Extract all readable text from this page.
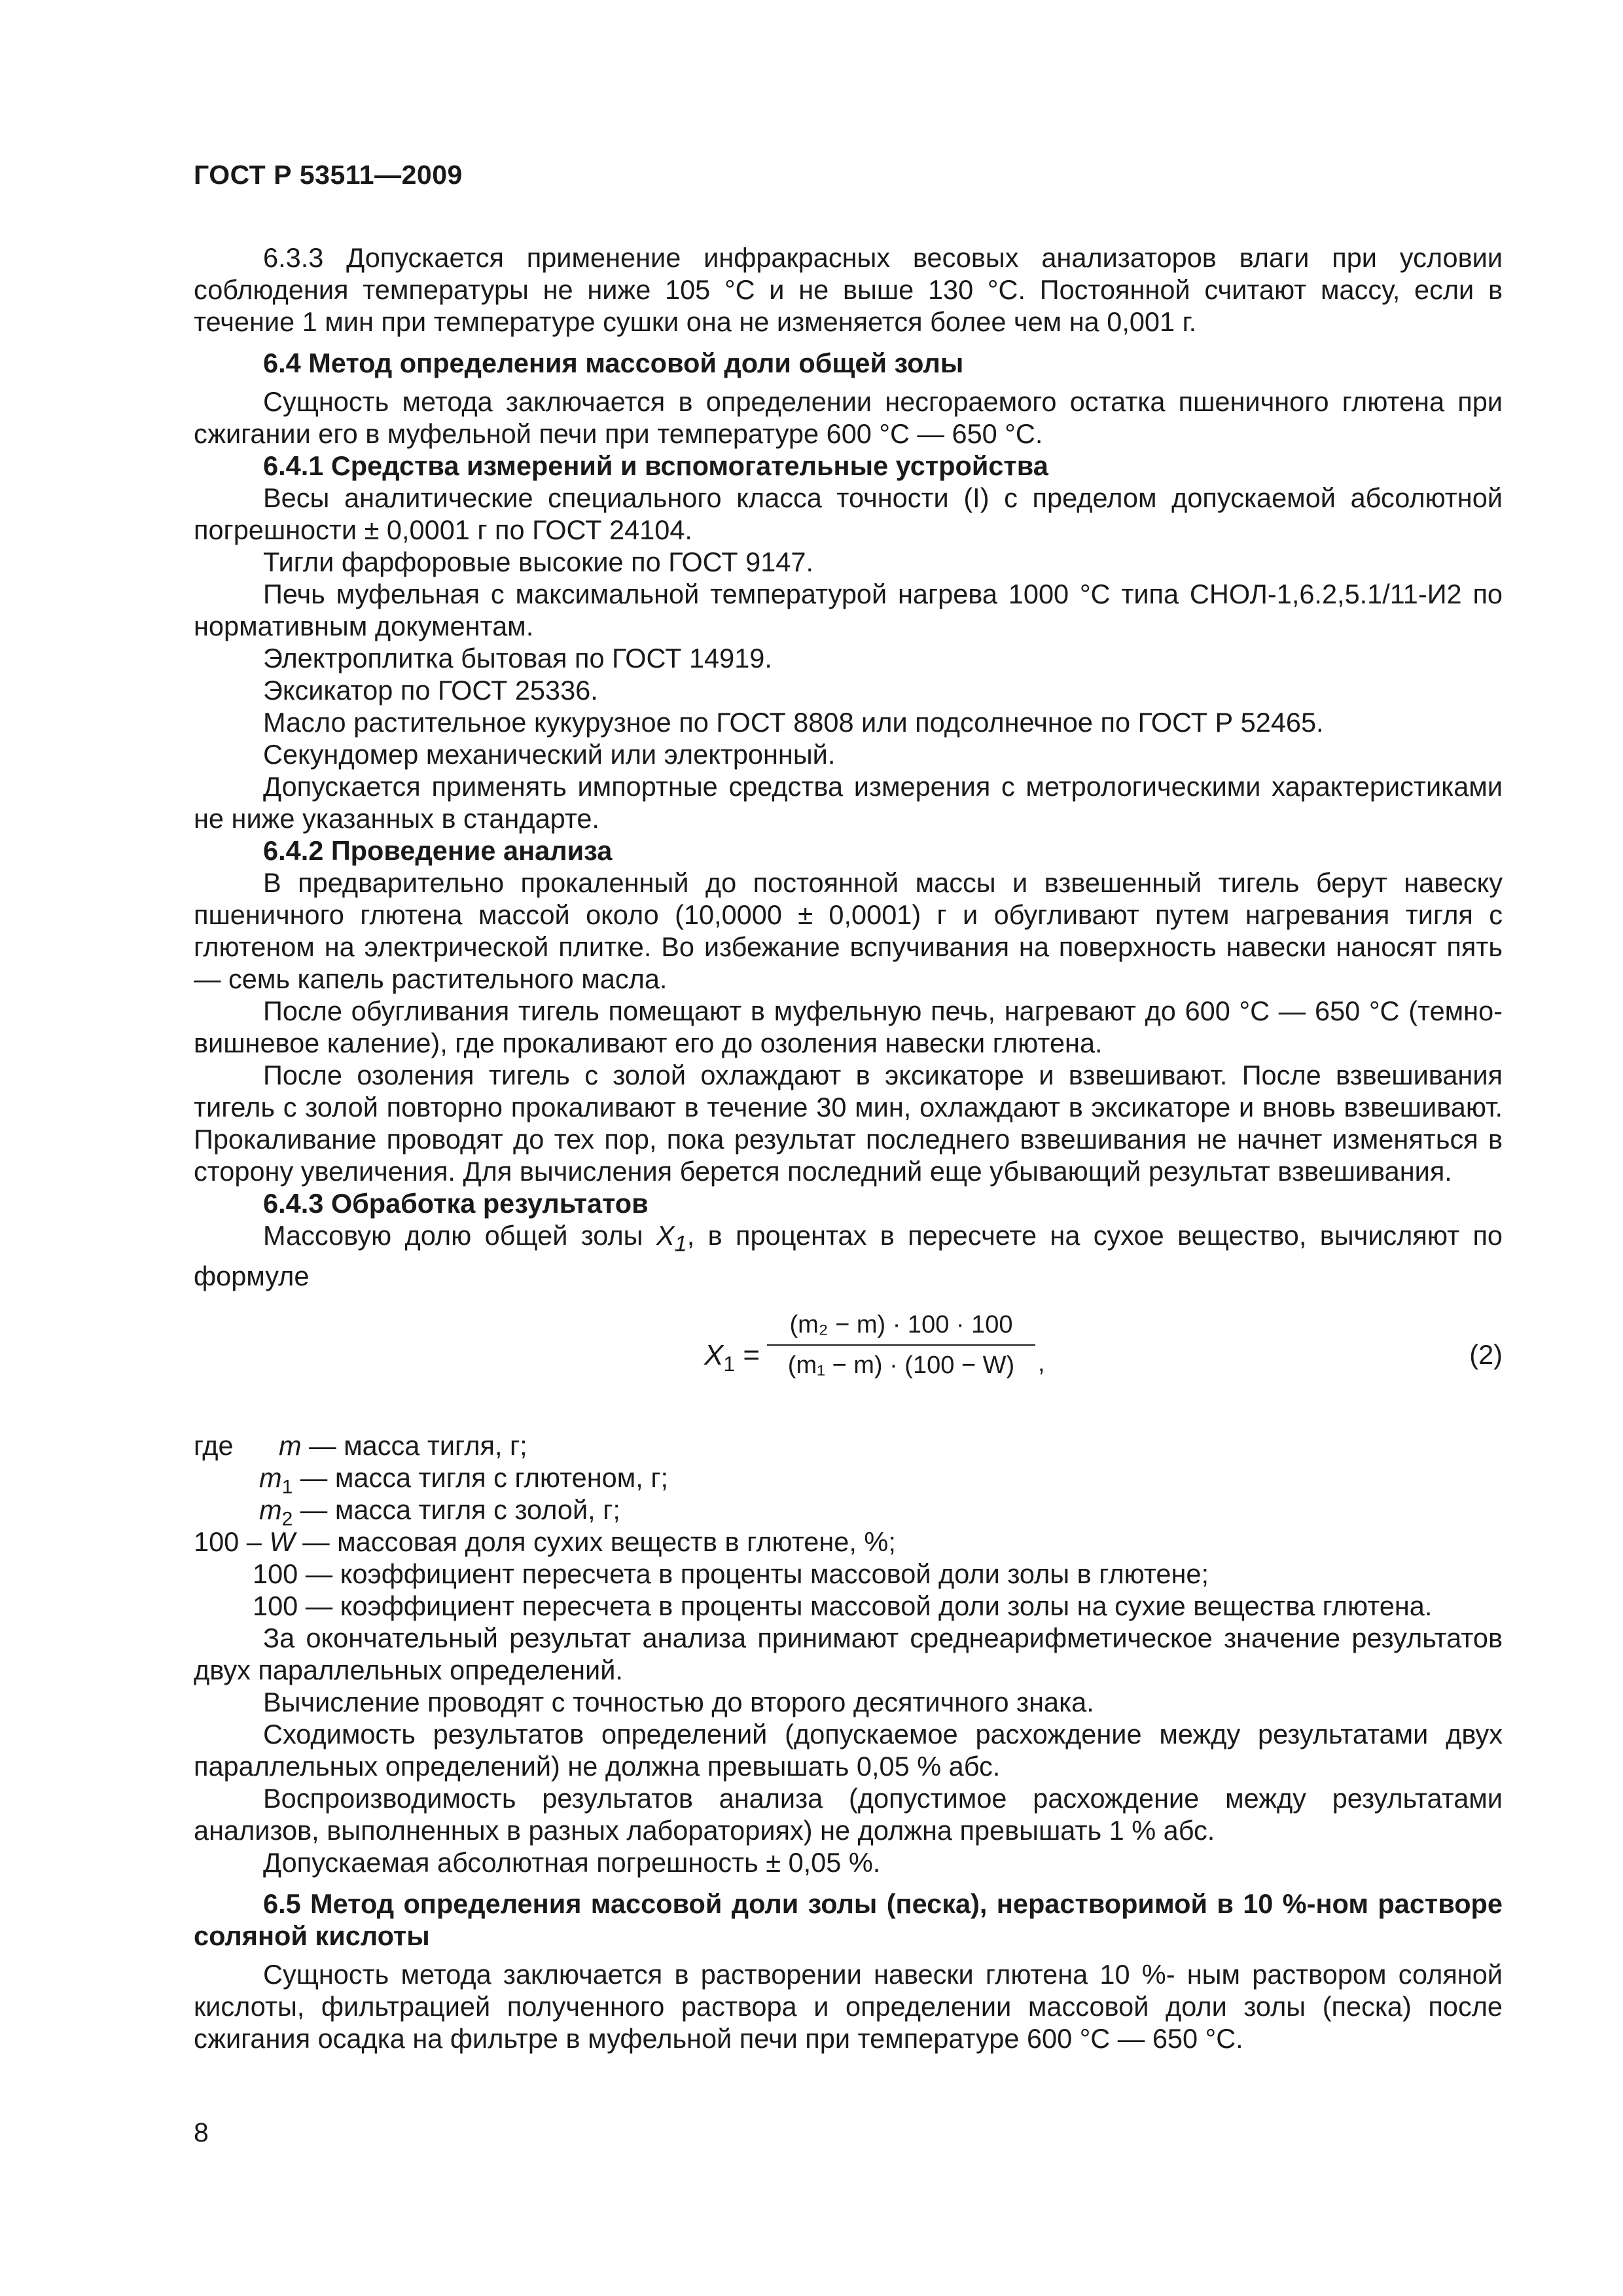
ГОСТ Р 53511—2009

6.3.3 Допускается применение инфракрасных весовых анализаторов влаги при условии соблюдения температуры не ниже 105 °С и не выше 130 °С. Постоянной считают массу, если в течение 1 мин при температуре сушки она не изменяется более чем на 0,001 г.

6.4 Метод определения массовой доли общей золы

Сущность метода заключается в определении несгораемого остатка пшеничного глютена при сжигании его в муфельной печи при температуре 600 °С — 650 °С.

6.4.1 Средства измерений и вспомогательные устройства

Весы аналитические специального класса точности (I) с пределом допускаемой абсолютной погрешности ± 0,0001 г по ГОСТ 24104.

Тигли фарфоровые высокие по ГОСТ 9147.

Печь муфельная с максимальной температурой нагрева 1000 °С типа СНОЛ-1,6.2,5.1/11-И2 по нормативным документам.

Электроплитка бытовая по ГОСТ 14919.

Эксикатор по ГОСТ 25336.

Масло растительное кукурузное по ГОСТ 8808 или подсолнечное по ГОСТ Р 52465.

Секундомер механический или электронный.

Допускается применять импортные средства измерения с метрологическими характеристиками не ниже указанных в стандарте.

6.4.2 Проведение анализа

В предварительно прокаленный до постоянной массы и взвешенный тигель берут навеску пшеничного глютена массой около (10,0000 ± 0,0001) г и обугливают путем нагревания тигля с глютеном на электрической плитке. Во избежание вспучивания на поверхность навески наносят пять — семь капель растительного масла.

После обугливания тигель помещают в муфельную печь, нагревают до 600 °С — 650 °С (темно-вишневое каление), где прокаливают его до озоления навески глютена.

После озоления тигель с золой охлаждают в эксикаторе и взвешивают. После взвешивания тигель с золой повторно прокаливают в течение 30 мин, охлаждают в эксикаторе и вновь взвешивают. Прокаливание проводят до тех пор, пока результат последнего взвешивания не начнет изменяться в сторону увеличения. Для вычисления берется последний еще убывающий результат взвешивания.

6.4.3 Обработка результатов

Массовую долю общей золы $X_1$, в процентах в пересчете на сухое вещество, вычисляют по формуле

$X_1$ =
(m₂ − m) · 100 · 100
(m₁ − m) · (100 − W) ,	(2)
где m — масса тигля, г;
$m_1$ — масса тигля с глютеном, г;
$m_2$ — масса тигля с золой, г;
100 – W — массовая доля сухих веществ в глютене, %;
100 — коэффициент пересчета в проценты массовой доли золы в глютене;
100 — коэффициент пересчета в проценты массовой доли золы на сухие вещества глютена.

За окончательный результат анализа принимают среднеарифметическое значение результатов двух параллельных определений.

Вычисление проводят с точностью до второго десятичного знака.

Сходимость результатов определений (допускаемое расхождение между результатами двух параллельных определений) не должна превышать 0,05 % абс.

Воспроизводимость результатов анализа (допустимое расхождение между результатами анализов, выполненных в разных лабораториях) не должна превышать 1 % абс.

Допускаемая абсолютная погрешность ± 0,05 %.

6.5 Метод определения массовой доли золы (песка), нерастворимой в 10 %-ном растворе соляной кислоты

Сущность метода заключается в растворении навески глютена 10 %- ным раствором соляной кислоты, фильтрацией полученного раствора и определении массовой доли золы (песка) после сжигания осадка на фильтре в муфельной печи при температуре 600 °С — 650 °С.

8
